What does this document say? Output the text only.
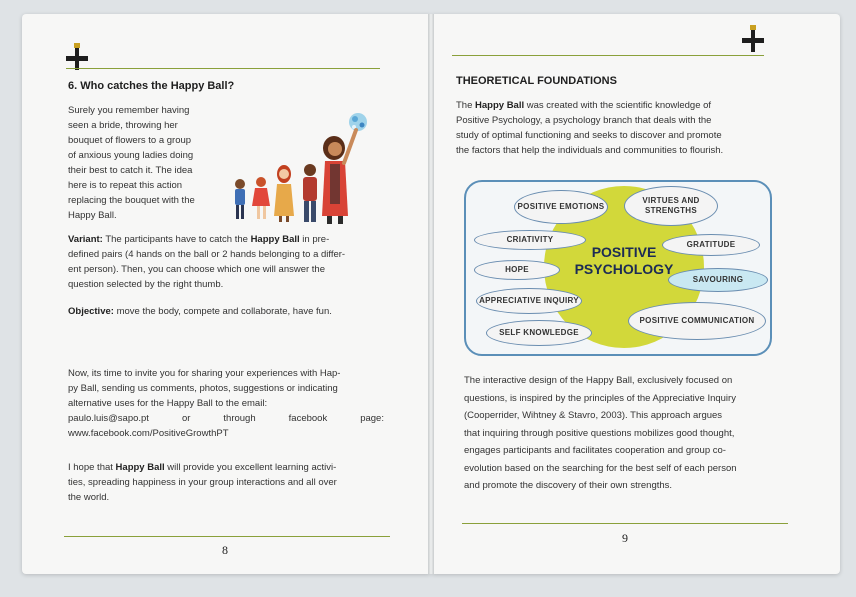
6. Who catches the Happy Ball?
Surely you remember having
seen a bride, throwing her
bouquet of flowers to a group
of anxious young ladies doing
their best to catch it. The idea
here is to repeat this action
replacing the bouquet with the
Happy Ball.
Variant: The participants have to catch the Happy Ball in pre-
defined pairs (4 hands on the ball or 2 hands belonging to a differ-
ent person). Then, you can choose which one will answer the
question selected by the right thumb.
Objective: move the body, compete and collaborate, have fun.
Now, its time to invite you for sharing your experiences with Hap-
py Ball, sending us comments, photos, suggestions or indicating
alternative uses for the Happy Ball to the email:
paulo.luis@sapo.pt	or	through	facebook	page:
www.facebook.com/PositiveGrowthPT
I hope that Happy Ball will provide you excellent learning activi-
ties, spreading happiness in your group interactions and all over
the world.
8
THEORETICAL FOUNDATIONS
The Happy Ball was created with the scientific knowledge of
Positive Psychology, a psychology branch that deals with the
study of optimal functioning and seeks to discover and promote
the factors that help the individuals and communities to flourish.
POSITIVE
PSYCHOLOGY
POSITIVE EMOTIONS
VIRTUES AND STRENGTHS
CRIATIVITY
GRATITUDE
HOPE
SAVOURING
APPRECIATIVE INQUIRY
POSITIVE COMMUNICATION
SELF KNOWLEDGE
The interactive design of the Happy Ball, exclusively focused on
questions, is inspired by the principles of the Appreciative Inquiry
(Cooperrider, Wihtney & Stavro, 2003). This approach argues
that inquiring through positive questions mobilizes good thought,
engages participants and facilitates cooperation and group co-
evolution based on the searching for the best self of each person
and promote the discovery of their own strengths.
9
